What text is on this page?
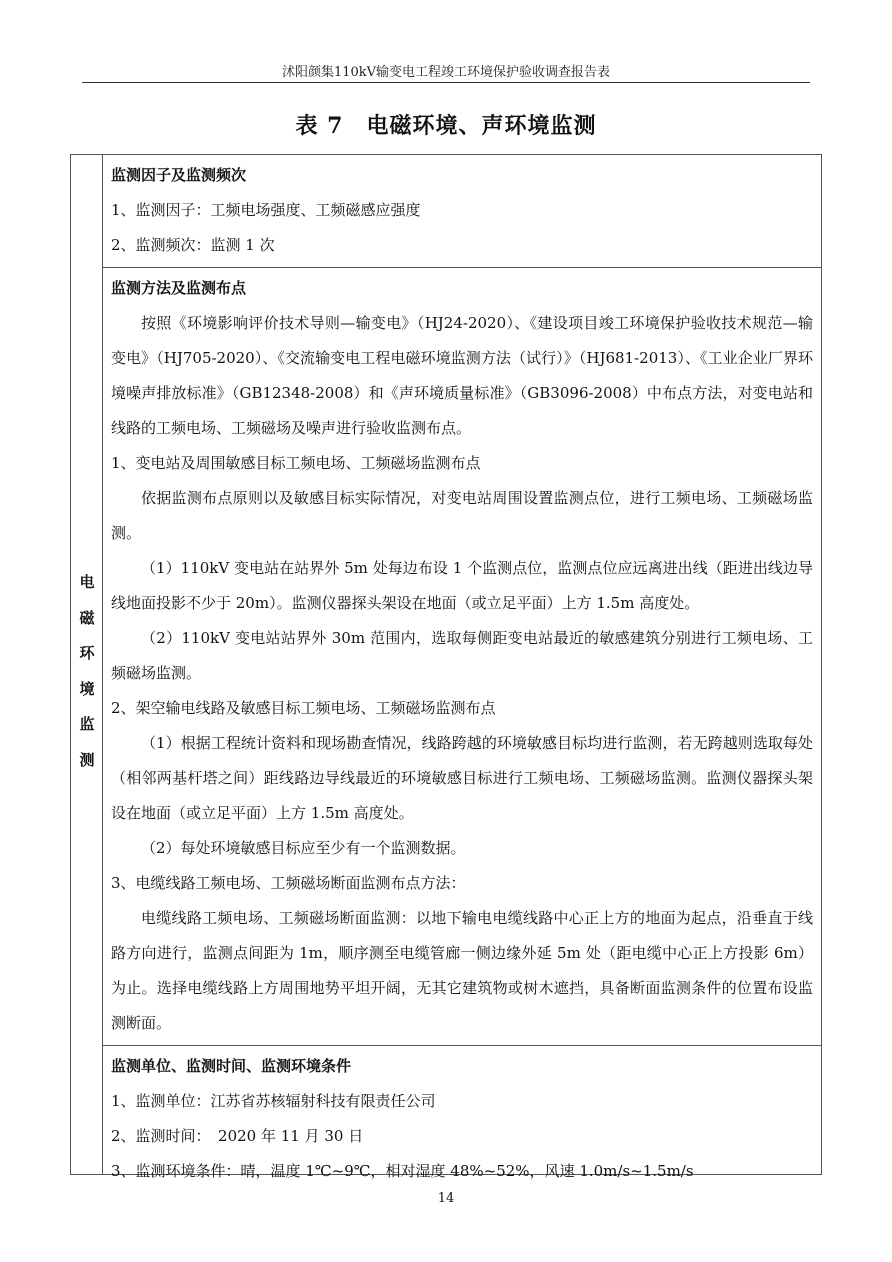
沭阳颜集110kV输变电工程竣工环境保护验收调查报告表
表 7　电磁环境、声环境监测
电
磁
环
境
监
测
监测因子及监测频次
1、监测因子：工频电场强度、工频磁感应强度
2、监测频次：监测 1 次
监测方法及监测布点
按照《环境影响评价技术导则—输变电》（HJ24-2020）、《建设项目竣工环境保护验收技术规范—输变电》（HJ705-2020）、《交流输变电工程电磁环境监测方法（试行）》（HJ681-2013）、《工业企业厂界环境噪声排放标准》（GB12348-2008）和《声环境质量标准》（GB3096-2008）中布点方法，对变电站和线路的工频电场、工频磁场及噪声进行验收监测布点。
1、变电站及周围敏感目标工频电场、工频磁场监测布点
依据监测布点原则以及敏感目标实际情况，对变电站周围设置监测点位，进行工频电场、工频磁场监测。
（1）110kV 变电站在站界外 5m 处每边布设 1 个监测点位，监测点位应远离进出线（距进出线边导线地面投影不少于 20m）。监测仪器探头架设在地面（或立足平面）上方 1.5m 高度处。
（2）110kV 变电站站界外 30m 范围内，选取每侧距变电站最近的敏感建筑分别进行工频电场、工频磁场监测。
2、架空输电线路及敏感目标工频电场、工频磁场监测布点
（1）根据工程统计资料和现场勘查情况，线路跨越的环境敏感目标均进行监测，若无跨越则选取每处（相邻两基杆塔之间）距线路边导线最近的环境敏感目标进行工频电场、工频磁场监测。监测仪器探头架设在地面（或立足平面）上方 1.5m 高度处。
（2）每处环境敏感目标应至少有一个监测数据。
3、电缆线路工频电场、工频磁场断面监测布点方法：
电缆线路工频电场、工频磁场断面监测：以地下输电电缆线路中心正上方的地面为起点，沿垂直于线路方向进行，监测点间距为 1m，顺序测至电缆管廊一侧边缘外延 5m 处（距电缆中心正上方投影 6m）为止。选择电缆线路上方周围地势平坦开阔，无其它建筑物或树木遮挡，具备断面监测条件的位置布设监测断面。
监测单位、监测时间、监测环境条件
1、监测单位：江苏省苏核辐射科技有限责任公司
2、监测时间：　2020 年 11 月 30 日
3、监测环境条件：晴，温度 1℃~9℃，相对湿度 48%~52%，风速 1.0m/s~1.5m/s
14
